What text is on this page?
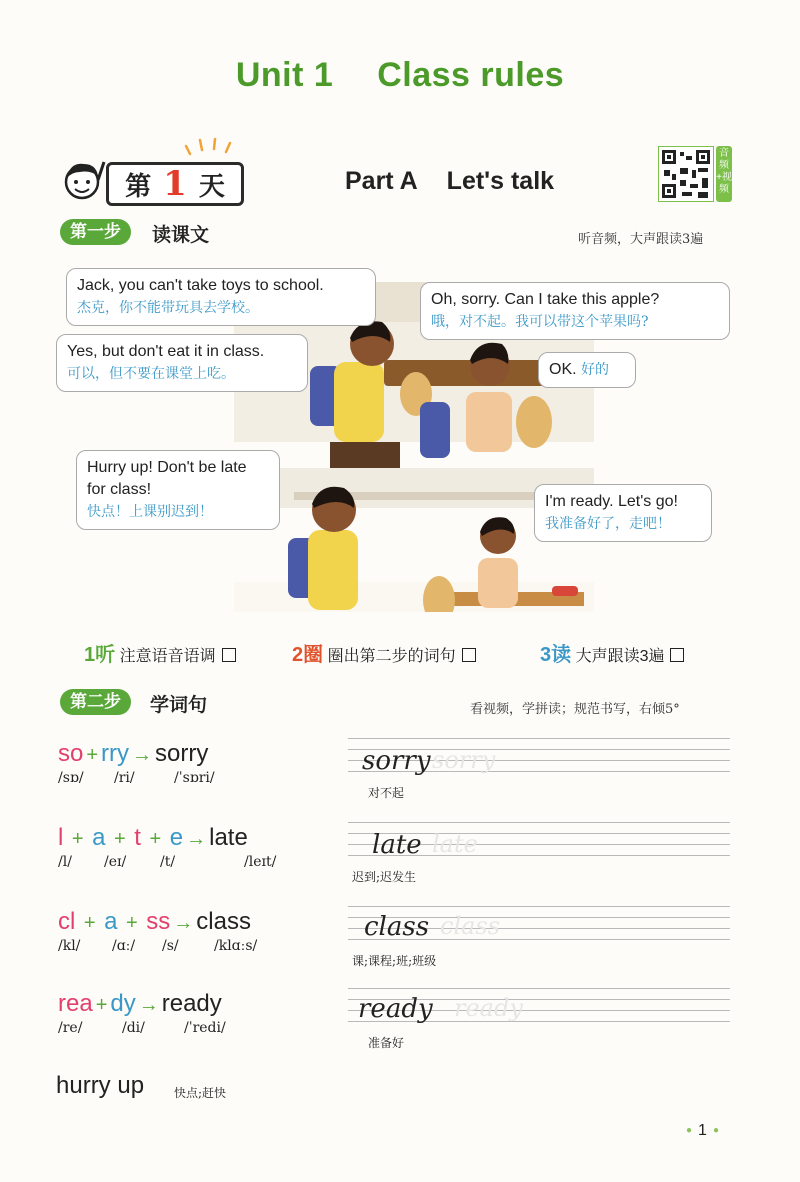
Unit 1 Class rules
第 1 天	Part A Let's talk
音频+视频
第一步	读课文	听音频，大声跟读3遍
Jack, you can't take toys to school.
杰克，你不能带玩具去学校。	Oh, sorry. Can I take this apple?
哦，对不起。我可以带这个苹果吗?
Yes, but don't eat it in class.
可以，但不要在课堂上吃。	OK. 好的
Hurry up! Don't be late for class!
快点！上课别迟到！
I'm ready. Let's go!
我准备好了，走吧！
1听 注意语音语调	2圈 圈出第二步的词句	3读 大声跟读3遍
第二步	学词句	看视频，学拼读；规范书写，右倾5°
so + rry → sorry
/sɒ/ /ri/	/ˈsɒri/
sorry sorry
对不起
l + a + t + e → late
/l/ /eɪ/ /t/	/leɪt/
late late
迟到;迟发生
cl + a + ss → class
/kl/ /ɑː/ /s/	/klɑːs/
class class
课;课程;班;班级
rea + dy → ready
/re/	/di/	/ˈredi/
ready ready
准备好
hurry up 快点;赶快
● 1 ●
